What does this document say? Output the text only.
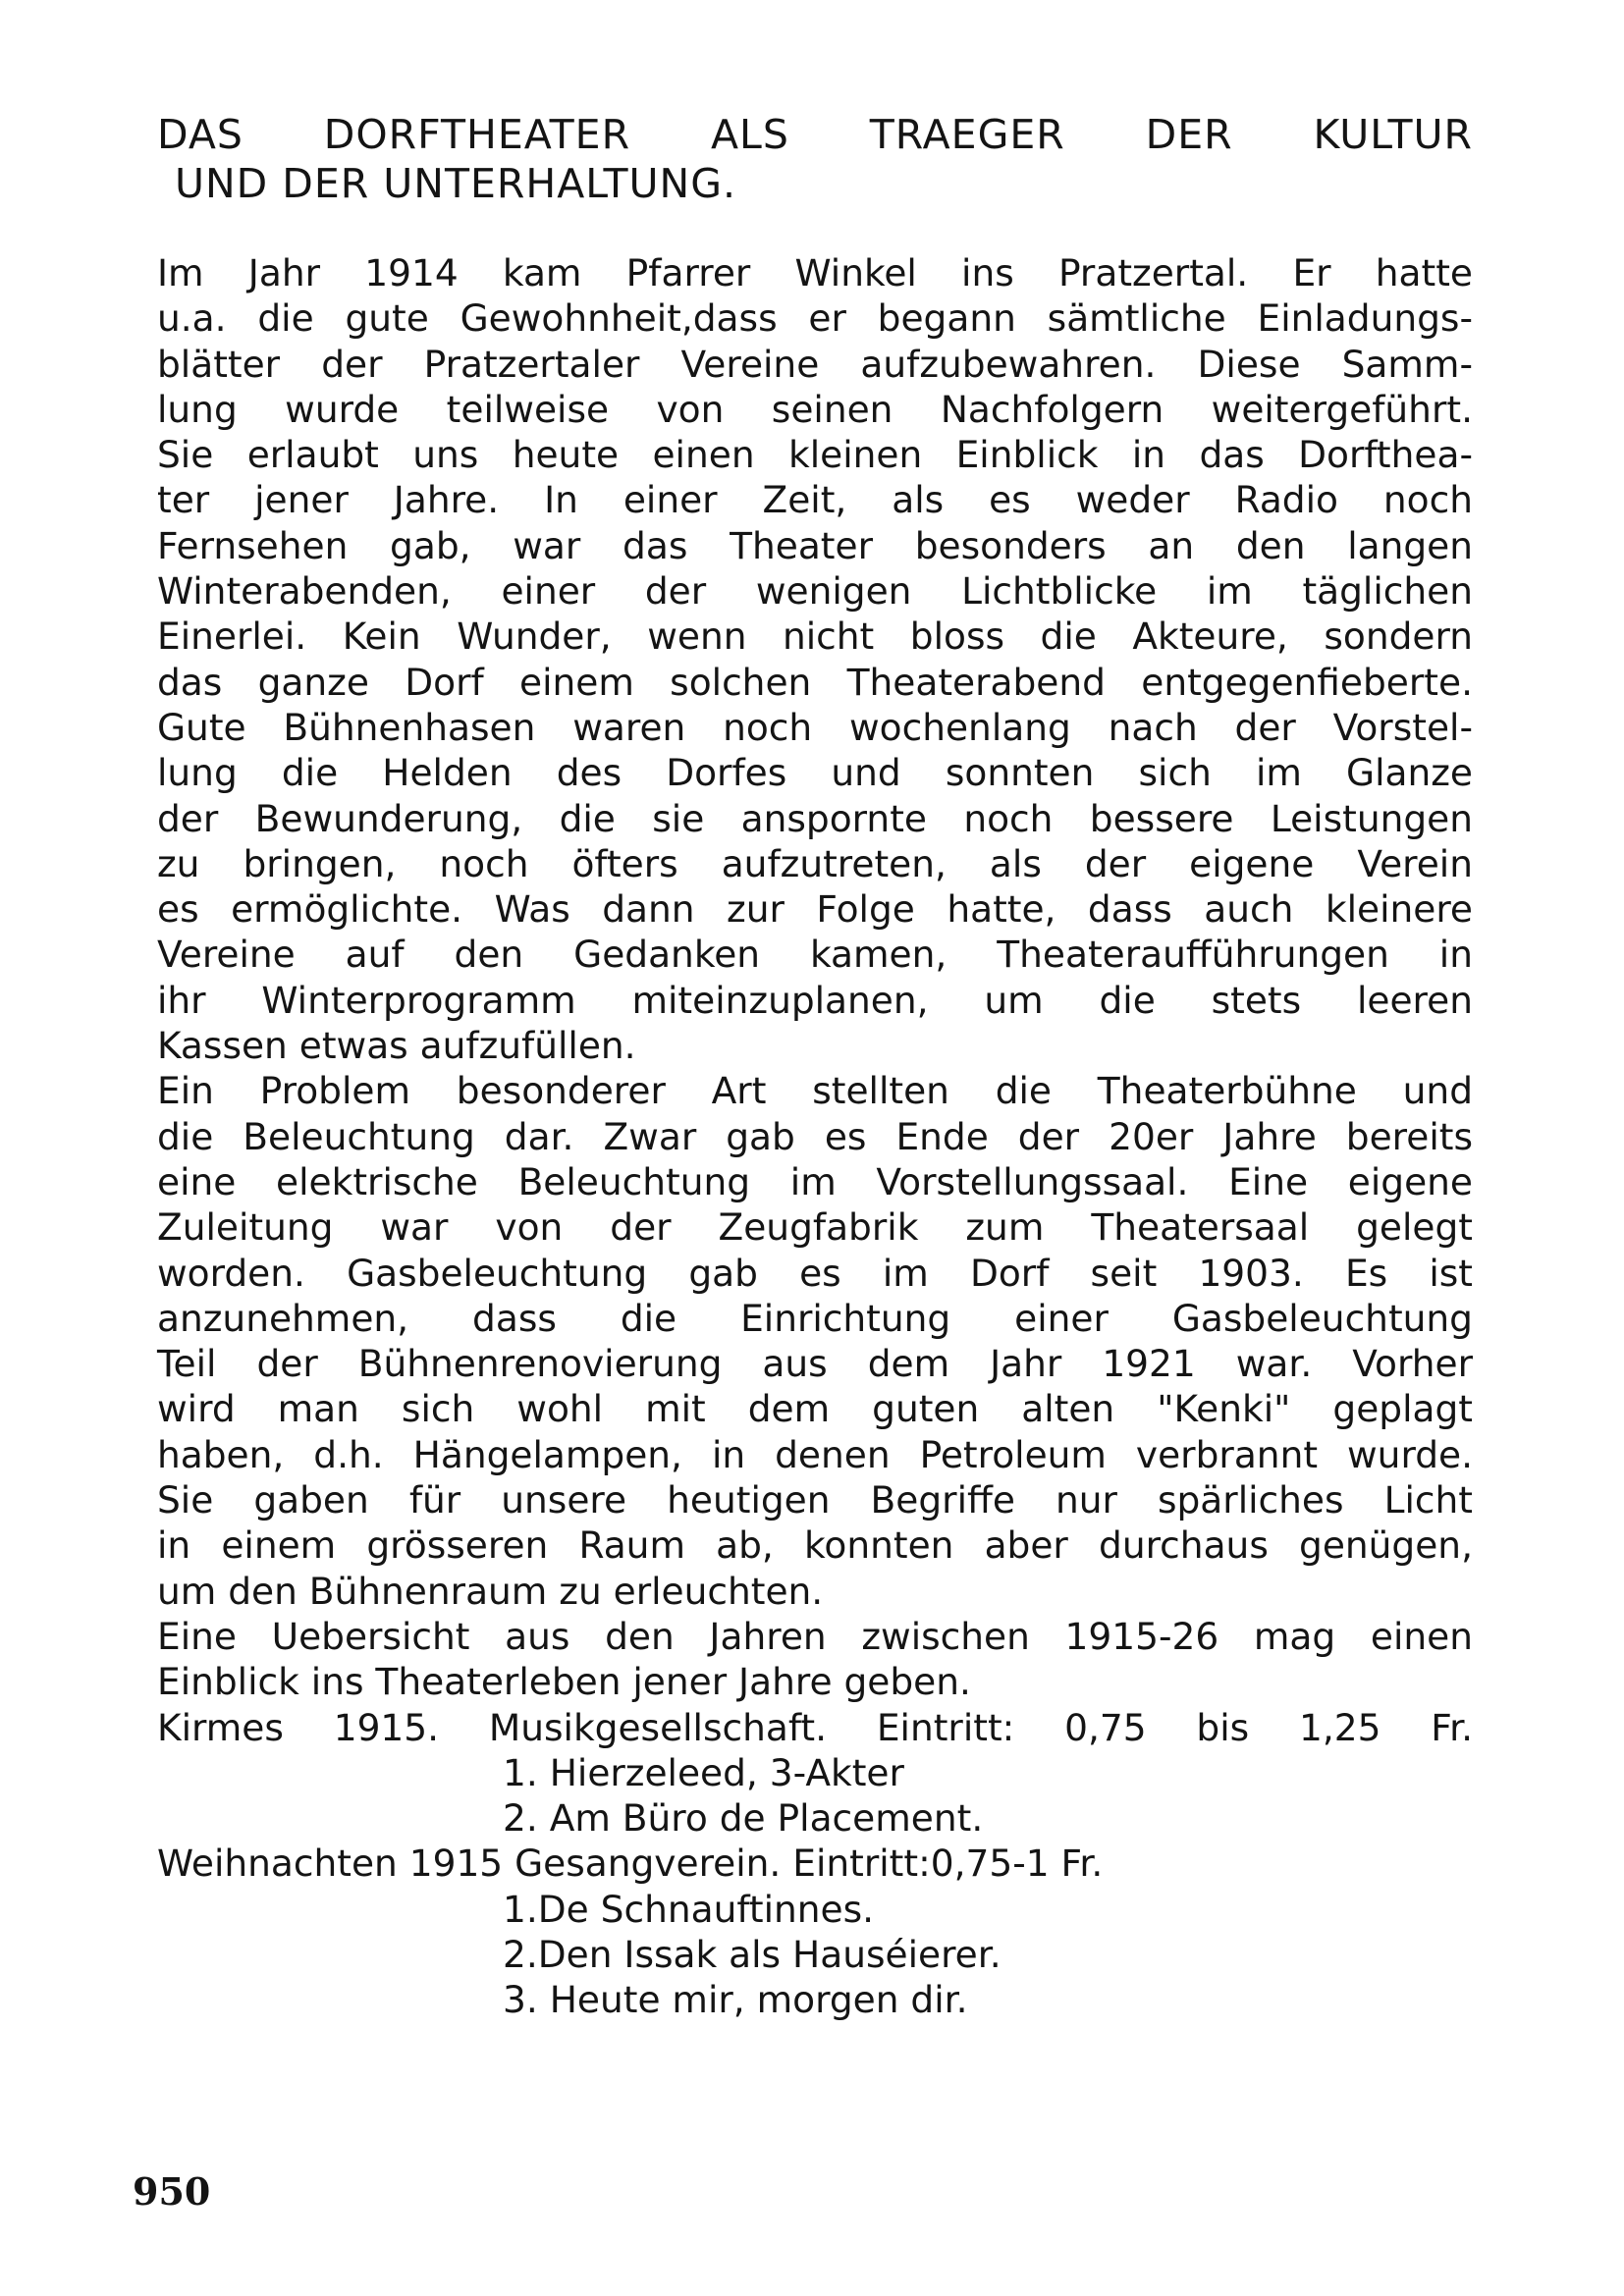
DAS DORFTHEATER ALS TRAEGER DER KULTUR
UND DER UNTERHALTUNG.
Im Jahr 1914 kam Pfarrer Winkel ins Pratzertal. Er hatte
u.a. die gute Gewohnheit,dass er begann sämtliche Einladungs-
blätter der Pratzertaler Vereine aufzubewahren. Diese Samm-
lung wurde teilweise von seinen Nachfolgern weitergeführt.
Sie erlaubt uns heute einen kleinen Einblick in das Dorfthea-
ter jener Jahre. In einer Zeit, als es weder Radio noch
Fernsehen gab, war das Theater besonders an den langen
Winterabenden, einer der wenigen Lichtblicke im täglichen
Einerlei. Kein Wunder, wenn nicht bloss die Akteure, sondern
das ganze Dorf einem solchen Theaterabend entgegenfieberte.
Gute Bühnenhasen waren noch wochenlang nach der Vorstel-
lung die Helden des Dorfes und sonnten sich im Glanze
der Bewunderung, die sie anspornte noch bessere Leistungen
zu bringen, noch öfters aufzutreten, als der eigene Verein
es ermöglichte. Was dann zur Folge hatte, dass auch kleinere
Vereine auf den Gedanken kamen, Theateraufführungen in
ihr Winterprogramm miteinzuplanen, um die stets leeren
Kassen etwas aufzufüllen.
Ein Problem besonderer Art stellten die Theaterbühne und
die Beleuchtung dar. Zwar gab es Ende der 20er Jahre bereits
eine elektrische Beleuchtung im Vorstellungssaal. Eine eigene
Zuleitung war von der Zeugfabrik zum Theatersaal gelegt
worden. Gasbeleuchtung gab es im Dorf seit 1903. Es ist
anzunehmen, dass die Einrichtung einer Gasbeleuchtung
Teil der Bühnenrenovierung aus dem Jahr 1921 war. Vorher
wird man sich wohl mit dem guten alten "Kenki" geplagt
haben, d.h. Hängelampen, in denen Petroleum verbrannt wurde.
Sie gaben für unsere heutigen Begriffe nur spärliches Licht
in einem grösseren Raum ab, konnten aber durchaus genügen,
um den Bühnenraum zu erleuchten.
Eine Uebersicht aus den Jahren zwischen 1915-26 mag einen
Einblick ins Theaterleben jener Jahre geben.
Kirmes 1915. Musikgesellschaft. Eintritt: 0,75 bis 1,25 Fr.
1. Hierzeleed, 3-Akter
2. Am Büro de Placement.
Weihnachten 1915 Gesangverein. Eintritt:0,75-1 Fr.
1.De Schnauftinnes.
2.Den Issak als Hauséierer.
3. Heute mir, morgen dir.
950
